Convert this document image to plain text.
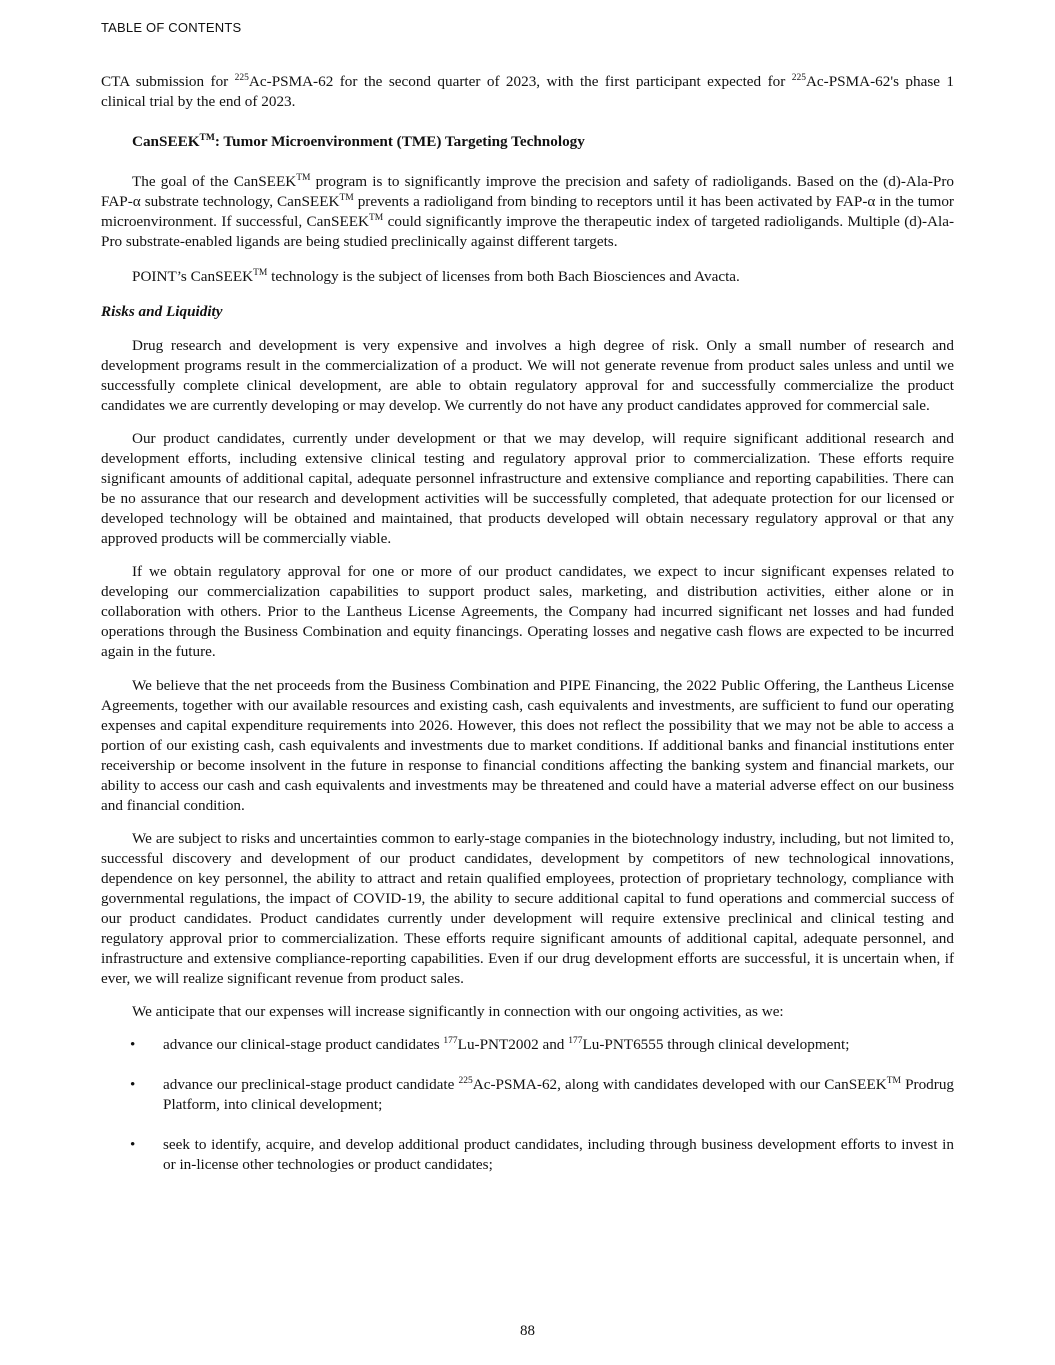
TABLE OF CONTENTS

CTA submission for $^{225}$Ac-PSMA-62 for the second quarter of 2023, with the first participant expected for $^{225}$Ac-PSMA-62's phase 1 clinical trial by the end of 2023.

CanSEEK™: Tumor Microenvironment (TME) Targeting Technology

The goal of the CanSEEK™ program is to significantly improve the precision and safety of radioligands. Based on the (d)-Ala-Pro FAP-α substrate technology, CanSEEK™ prevents a radioligand from binding to receptors until it has been activated by FAP-α in the tumor microenvironment. If successful, CanSEEK™ could significantly improve the therapeutic index of targeted radioligands. Multiple (d)-Ala-Pro substrate-enabled ligands are being studied preclinically against different targets.

POINT’s CanSEEK™ technology is the subject of licenses from both Bach Biosciences and Avacta.

Risks and Liquidity

Drug research and development is very expensive and involves a high degree of risk. Only a small number of research and development programs result in the commercialization of a product. We will not generate revenue from product sales unless and until we successfully complete clinical development, are able to obtain regulatory approval for and successfully commercialize the product candidates we are currently developing or may develop. We currently do not have any product candidates approved for commercial sale.

Our product candidates, currently under development or that we may develop, will require significant additional research and development efforts, including extensive clinical testing and regulatory approval prior to commercialization. These efforts require significant amounts of additional capital, adequate personnel infrastructure and extensive compliance and reporting capabilities. There can be no assurance that our research and development activities will be successfully completed, that adequate protection for our licensed or developed technology will be obtained and maintained, that products developed will obtain necessary regulatory approval or that any approved products will be commercially viable.

If we obtain regulatory approval for one or more of our product candidates, we expect to incur significant expenses related to developing our commercialization capabilities to support product sales, marketing, and distribution activities, either alone or in collaboration with others. Prior to the Lantheus License Agreements, the Company had incurred significant net losses and had funded operations through the Business Combination and equity financings. Operating losses and negative cash flows are expected to be incurred again in the future.

We believe that the net proceeds from the Business Combination and PIPE Financing, the 2022 Public Offering, the Lantheus License Agreements, together with our available resources and existing cash, cash equivalents and investments, are sufficient to fund our operating expenses and capital expenditure requirements into 2026. However, this does not reflect the possibility that we may not be able to access a portion of our existing cash, cash equivalents and investments due to market conditions. If additional banks and financial institutions enter receivership or become insolvent in the future in response to financial conditions affecting the banking system and financial markets, our ability to access our cash and cash equivalents and investments may be threatened and could have a material adverse effect on our business and financial condition.

We are subject to risks and uncertainties common to early-stage companies in the biotechnology industry, including, but not limited to, successful discovery and development of our product candidates, development by competitors of new technological innovations, dependence on key personnel, the ability to attract and retain qualified employees, protection of proprietary technology, compliance with governmental regulations, the impact of COVID-19, the ability to secure additional capital to fund operations and commercial success of our product candidates. Product candidates currently under development will require extensive preclinical and clinical testing and regulatory approval prior to commercialization. These efforts require significant amounts of additional capital, adequate personnel, and infrastructure and extensive compliance-reporting capabilities. Even if our drug development efforts are successful, it is uncertain when, if ever, we will realize significant revenue from product sales.

We anticipate that our expenses will increase significantly in connection with our ongoing activities, as we:

• advance our clinical-stage product candidates $^{177}$Lu-PNT2002 and $^{177}$Lu-PNT6555 through clinical development;
• advance our preclinical-stage product candidate $^{225}$Ac-PSMA-62, along with candidates developed with our CanSEEK™ Prodrug Platform, into clinical development;
• seek to identify, acquire, and develop additional product candidates, including through business development efforts to invest in or in-license other technologies or product candidates;
88
